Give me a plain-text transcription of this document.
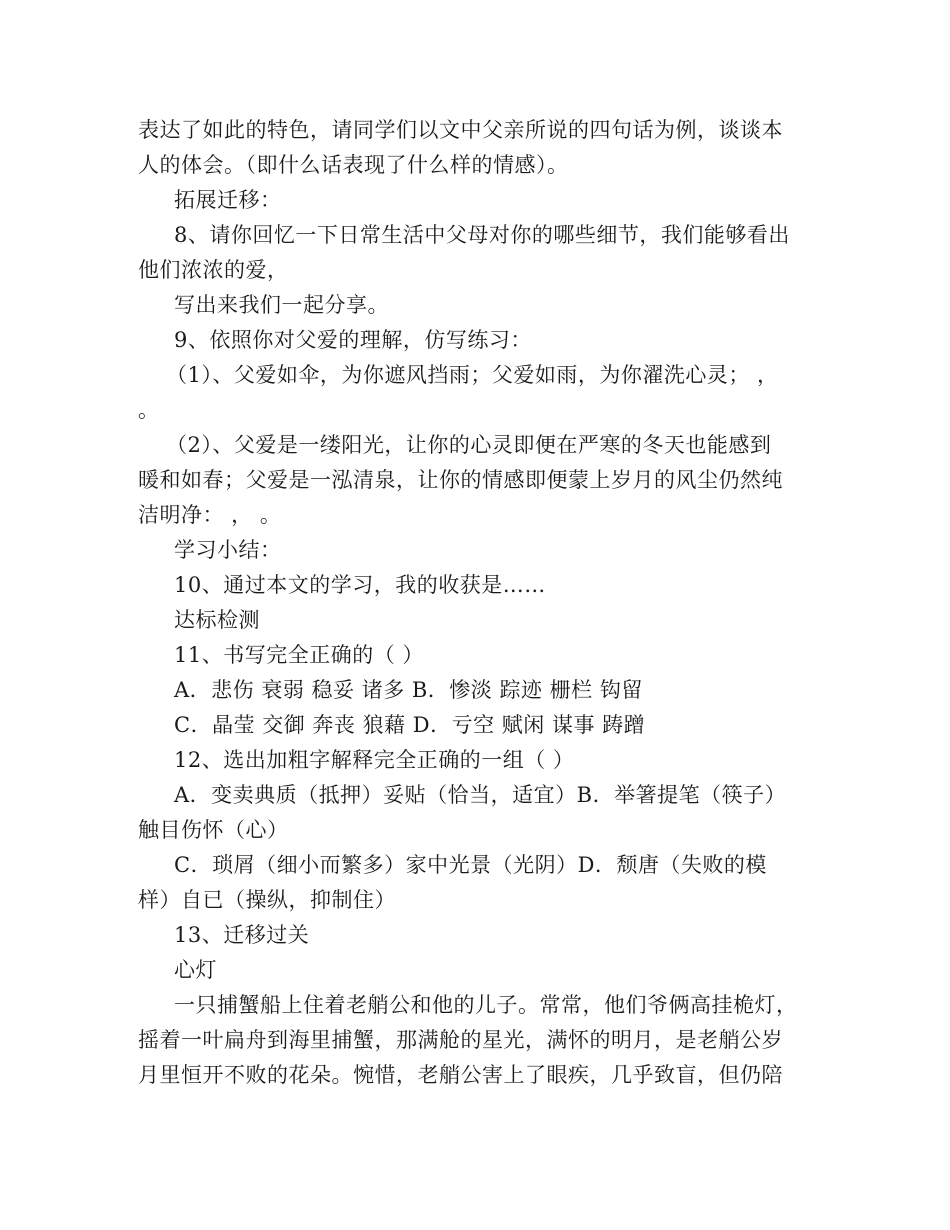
表达了如此的特色，请同学们以文中父亲所说的四句话为例，谈谈本
人的体会。（即什么话表现了什么样的情感）。
拓展迁移：
8、请你回忆一下日常生活中父母对你的哪些细节，我们能够看出
他们浓浓的爱，
写出来我们一起分享。
9、依照你对父爱的理解，仿写练习：
（1）、父爱如伞，为你遮风挡雨；父爱如雨，为你濯洗心灵； ，
。
（2）、父爱是一缕阳光，让你的心灵即便在严寒的冬天也能感到
暖和如春；父爱是一泓清泉，让你的情感即便蒙上岁月的风尘仍然纯
洁明净： ， 。
学习小结：
10、通过本文的学习，我的收获是……
达标检测
11、书写完全正确的（ ）
A．悲伤 衰弱 稳妥 诸多 B．惨淡 踪迹 栅栏 钩留
C．晶莹 交御 奔丧 狼藉 D．亏空 赋闲 谋事 踌蹭
12、选出加粗字解释完全正确的一组（ ）
A．变卖典质（抵押）妥贴（恰当，适宜）B．举箸提笔（筷子）
触目伤怀（心）
C．琐屑（细小而繁多）家中光景（光阴）D．颓唐（失败的模
样）自已（操纵，抑制住）
13、迁移过关
心灯
一只捕蟹船上住着老艄公和他的儿子。常常，他们爷俩高挂桅灯，
摇着一叶扁舟到海里捕蟹，那满舱的星光，满怀的明月，是老艄公岁
月里恒开不败的花朵。惋惜，老艄公害上了眼疾，几乎致盲，但仍陪
